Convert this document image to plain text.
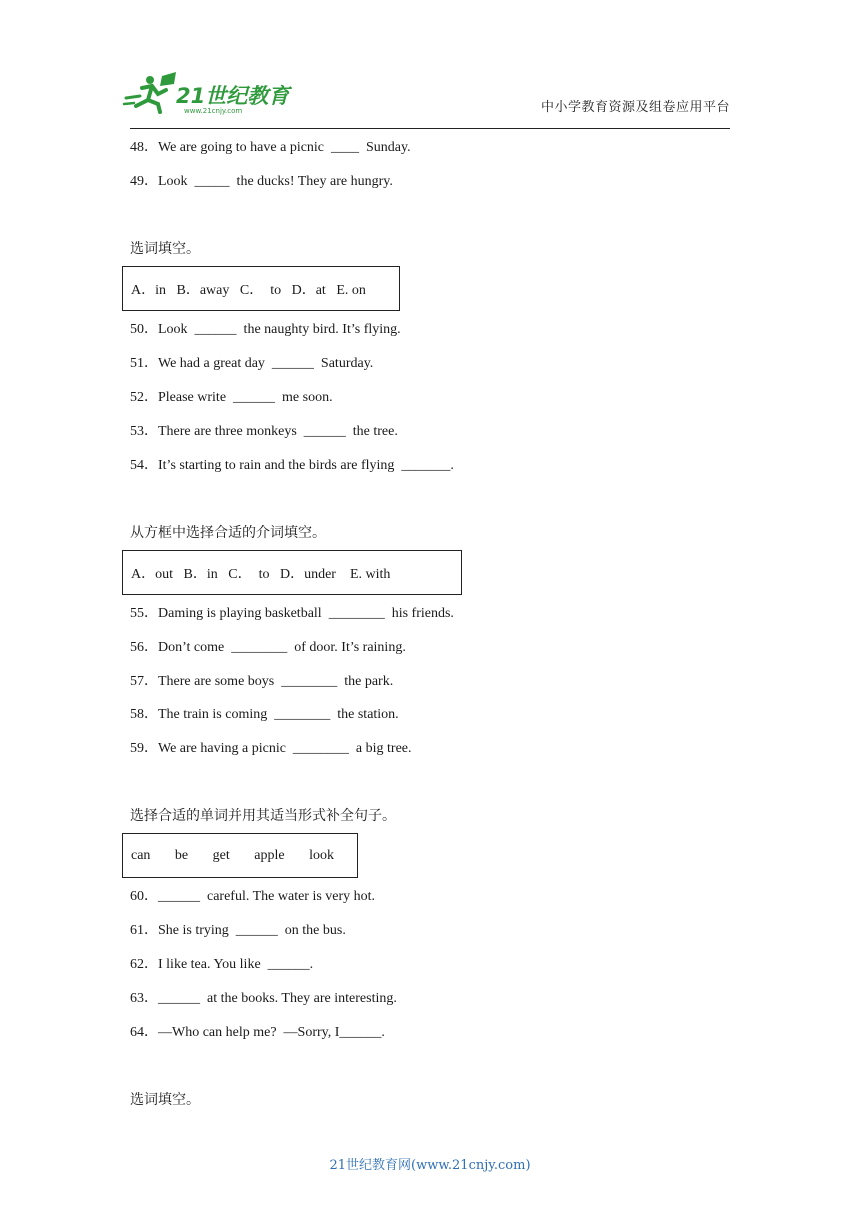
21世纪教育
www.21cnjy.com	中小学教育资源及组卷应用平台
48．We are going to have a picnic  ____  Sunday.
49．Look  _____  the ducks! They are hungry.
选词填空。
A．in   B．away   C．  to   D．at   E. on
50．Look  ______  the naughty bird. It’s flying.
51．We had a great day  ______  Saturday.
52．Please write  ______  me soon.
53．There are three monkeys  ______  the tree.
54．It’s starting to rain and the birds are flying  _______.
从方框中选择合适的介词填空。
A．out   B．in   C．  to   D．under    E. with
55．Daming is playing basketball  ________  his friends.
56．Don’t come  ________  of door. It’s raining.
57．There are some boys  ________  the park.
58．The train is coming  ________  the station.
59．We are having a picnic  ________  a big tree.
选择合适的单词并用其适当形式补全句子。
can       be       get       apple       look
60．______  careful. The water is very hot.
61．She is trying  ______  on the bus.
62．I like tea. You like  ______.
63．______  at the books. They are interesting.
64．—Who can help me?  —Sorry, I______.
选词填空。
21世纪教育网(www.21cnjy.com)
